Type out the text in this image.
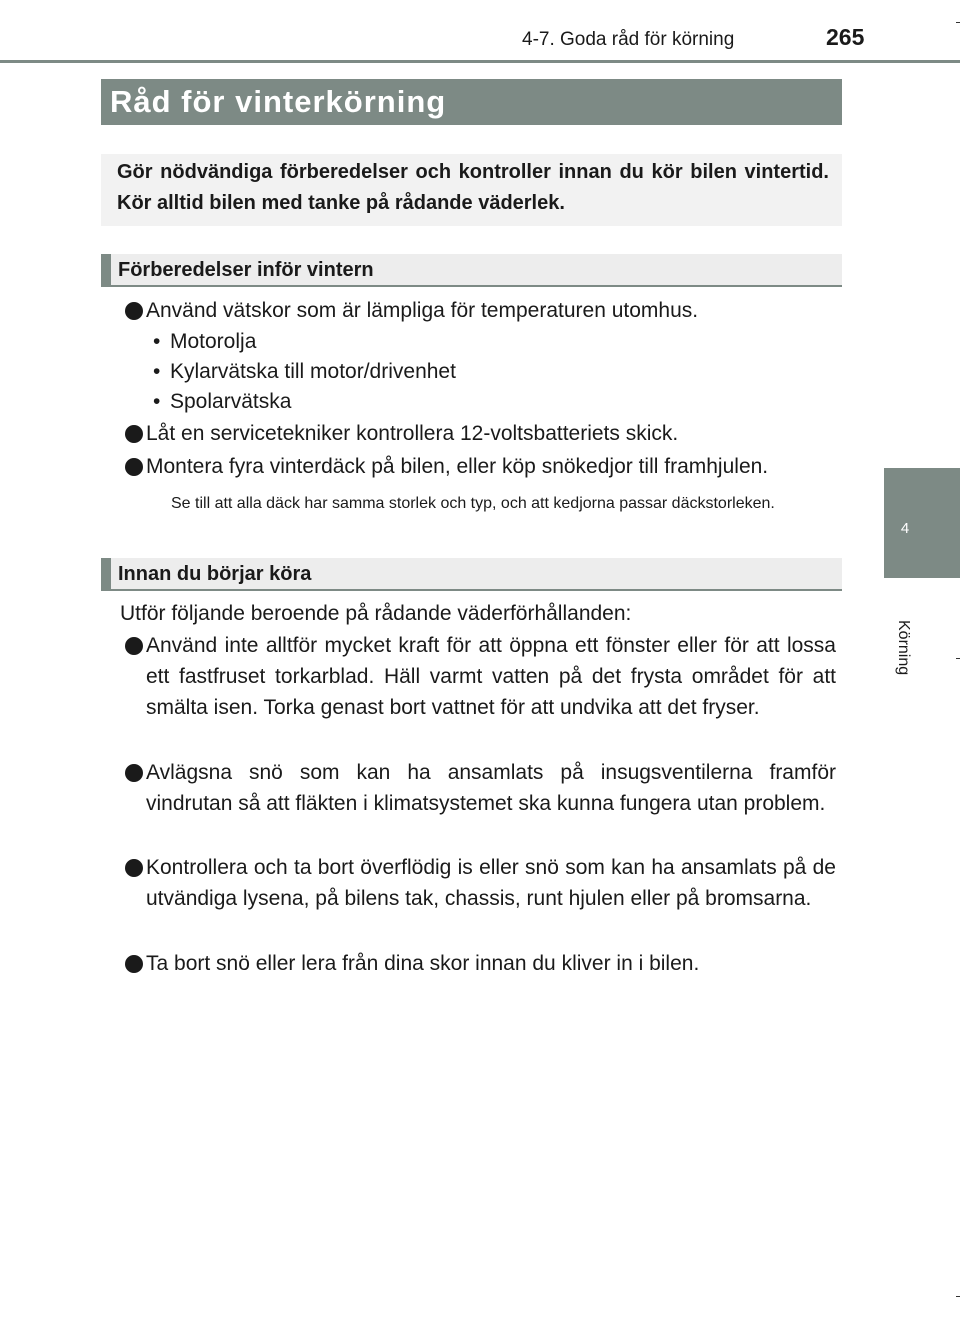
4-7. Goda råd för körning	265
4
Körning
Råd för vinterkörning
Gör nödvändiga förberedelser och kontroller innan du kör bilen vintertid. Kör alltid bilen med tanke på rådande väderlek.
Förberedelser inför vintern
Använd vätskor som är lämpliga för temperaturen utomhus.
• Motorolja
• Kylarvätska till motor/drivenhet
• Spolarvätska
Låt en servicetekniker kontrollera 12-voltsbatteriets skick.
Montera fyra vinterdäck på bilen, eller köp snökedjor till framhjulen.
Se till att alla däck har samma storlek och typ, och att kedjorna passar däckstorleken.
Innan du börjar köra
Utför följande beroende på rådande väderförhållanden:
Använd inte alltför mycket kraft för att öppna ett fönster eller för att lossa ett fastfruset torkarblad. Häll varmt vatten på det frysta området för att smälta isen. Torka genast bort vattnet för att undvika att det fryser.
Avlägsna snö som kan ha ansamlats på insugsventilerna framför vindrutan så att fläkten i klimatsystemet ska kunna fungera utan problem.
Kontrollera och ta bort överflödig is eller snö som kan ha ansamlats på de utvändiga lysena, på bilens tak, chassis, runt hjulen eller på bromsarna.
Ta bort snö eller lera från dina skor innan du kliver in i bilen.
